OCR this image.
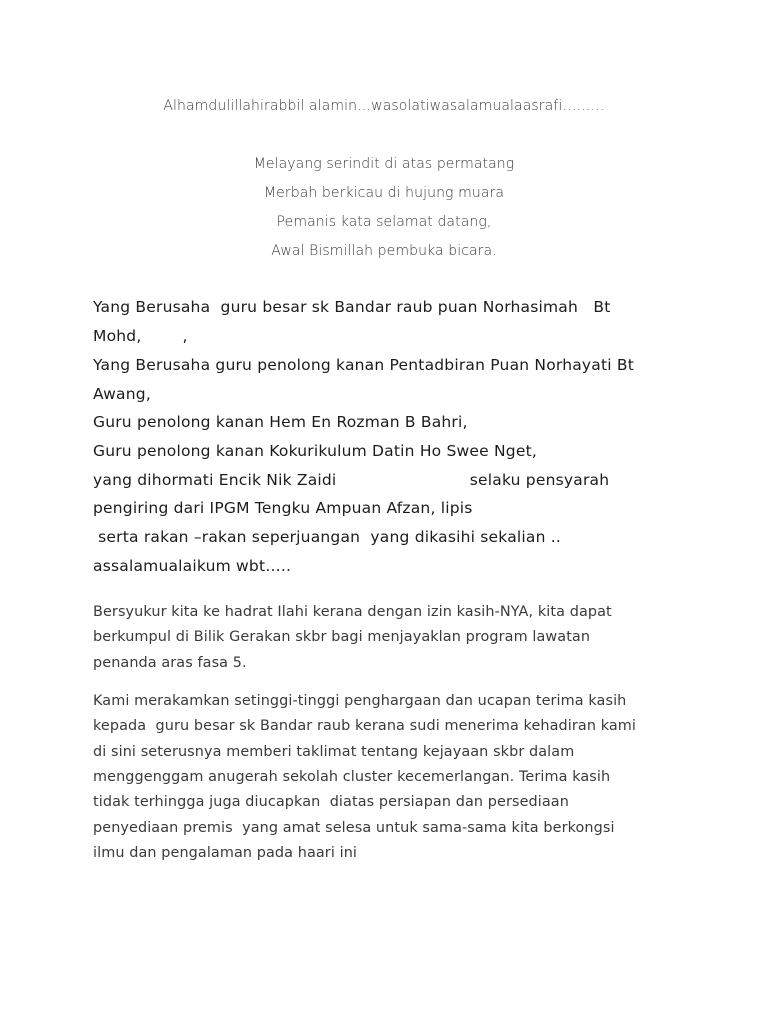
Alhamdulillahirabbil alamin…wasolatiwasalamualaasrafi………
Melayang serindit di atas permatang
Merbah berkicau di hujung muara
Pemanis kata selamat datang,
Awal Bismillah pembuka bicara.
Yang Berusaha  guru besar sk Bandar raub puan Norhasimah   Bt
Mohd,        ,
Yang Berusaha guru penolong kanan Pentadbiran Puan Norhayati Bt
Awang,
Guru penolong kanan Hem En Rozman B Bahri,
Guru penolong kanan Kokurikulum Datin Ho Swee Nget,
yang dihormati Encik Nik Zaidi                          selaku pensyarah
pengiring dari IPGM Tengku Ampuan Afzan, lipis
serta rakan –rakan seperjuangan  yang dikasihi sekalian ..
assalamualaikum wbt…..
Bersyukur kita ke hadrat Ilahi kerana dengan izin kasih-NYA, kita dapat
berkumpul di Bilik Gerakan skbr bagi menjayaklan program lawatan
penanda aras fasa 5.
Kami merakamkan setinggi-tinggi penghargaan dan ucapan terima kasih
kepada  guru besar sk Bandar raub kerana sudi menerima kehadiran kami
di sini seterusnya memberi taklimat tentang kejayaan skbr dalam
menggenggam anugerah sekolah cluster kecemerlangan. Terima kasih
tidak terhingga juga diucapkan  diatas persiapan dan persediaan
penyediaan premis  yang amat selesa untuk sama-sama kita berkongsi
ilmu dan pengalaman pada haari ini
